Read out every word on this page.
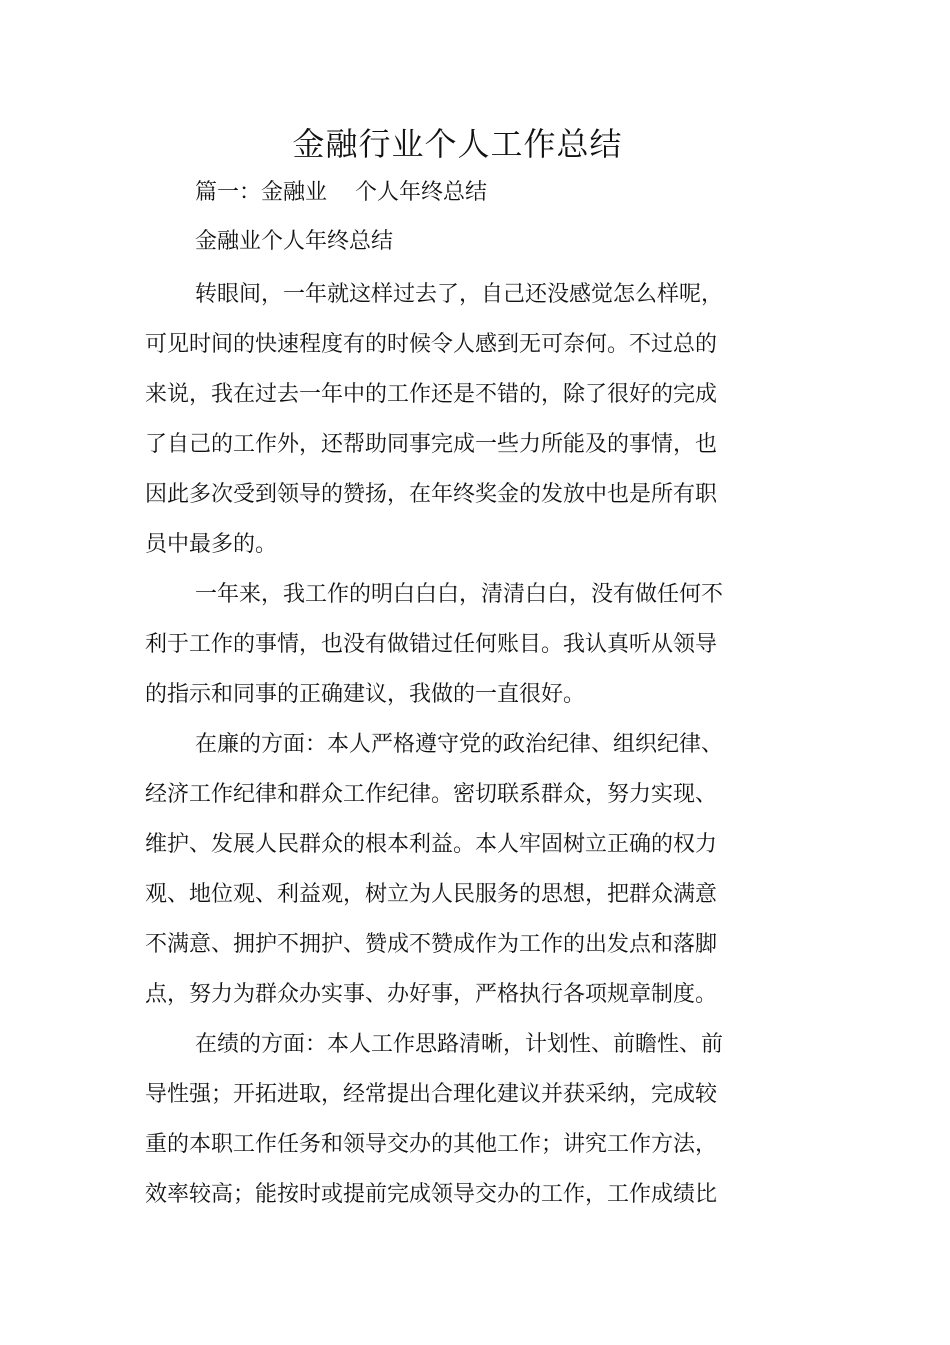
金融行业个人工作总结
篇一：金融业    个人年终总结
金融业个人年终总结
转眼间，一年就这样过去了，自己还没感觉怎么样呢，
可见时间的快速程度有的时候令人感到无可奈何。不过总的
来说，我在过去一年中的工作还是不错的，除了很好的完成
了自己的工作外，还帮助同事完成一些力所能及的事情，也
因此多次受到领导的赞扬，在年终奖金的发放中也是所有职
员中最多的。
一年来，我工作的明白白白，清清白白，没有做任何不
利于工作的事情，也没有做错过任何账目。我认真听从领导
的指示和同事的正确建议，我做的一直很好。
在廉的方面：本人严格遵守党的政治纪律、组织纪律、
经济工作纪律和群众工作纪律。密切联系群众，努力实现、
维护、发展人民群众的根本利益。本人牢固树立正确的权力
观、地位观、利益观，树立为人民服务的思想，把群众满意
不满意、拥护不拥护、赞成不赞成作为工作的出发点和落脚
点，努力为群众办实事、办好事，严格执行各项规章制度。
在绩的方面：本人工作思路清晰，计划性、前瞻性、前
导性强；开拓进取，经常提出合理化建议并获采纳，完成较
重的本职工作任务和领导交办的其他工作；讲究工作方法，
效率较高；能按时或提前完成领导交办的工作，工作成绩比
